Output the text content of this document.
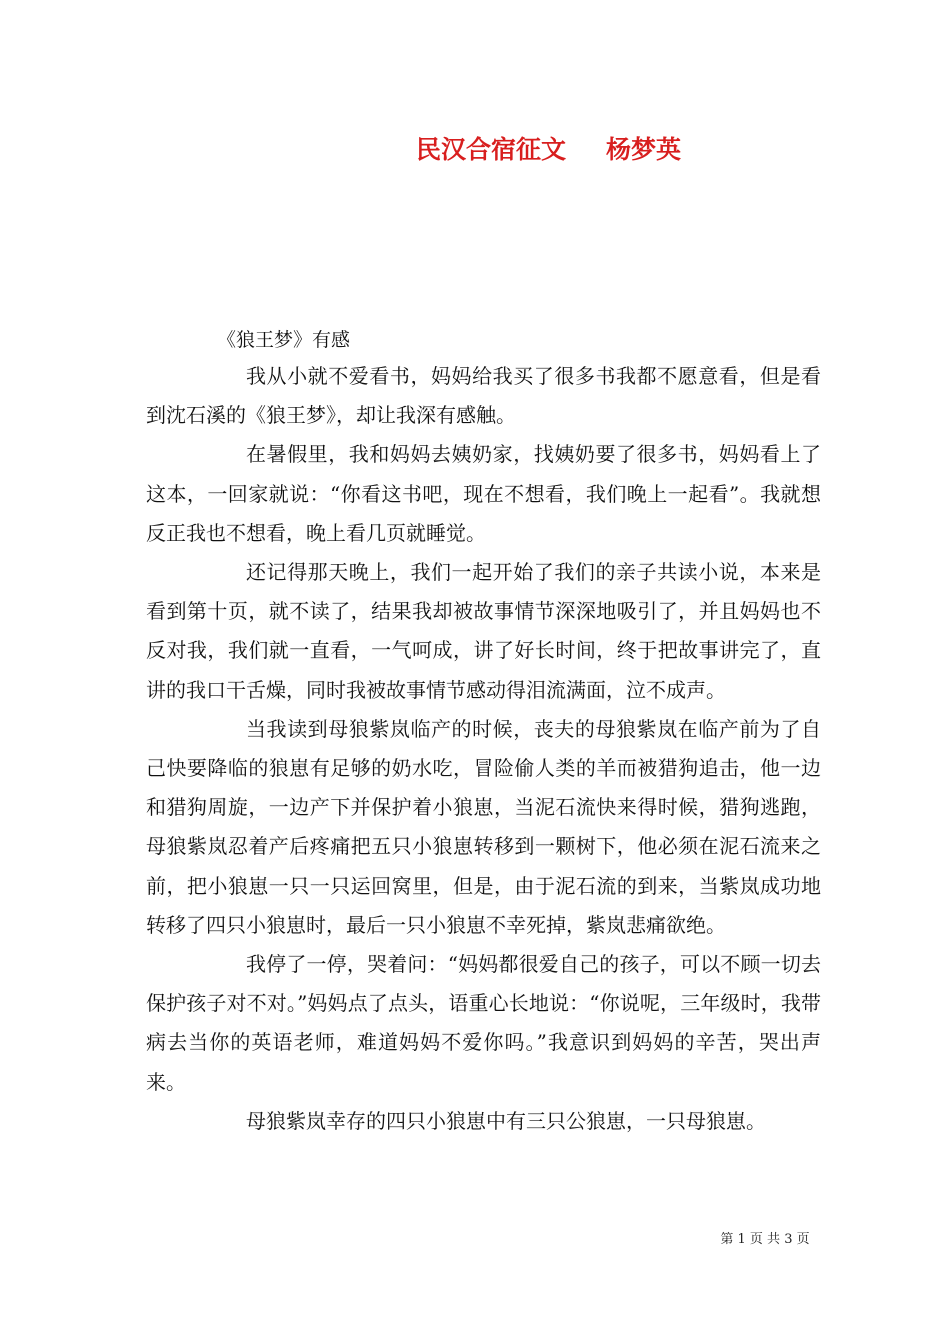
民汉合宿征文 杨梦英
《狼王梦》有感

我从小就不爱看书，妈妈给我买了很多书我都不愿意看，但是看到沈石溪的《狼王梦》，却让我深有感触。

在暑假里，我和妈妈去姨奶家，找姨奶要了很多书，妈妈看上了这本，一回家就说：“你看这书吧，现在不想看，我们晚上一起看”。我就想反正我也不想看，晚上看几页就睡觉。

还记得那天晚上，我们一起开始了我们的亲子共读小说，本来是看到第十页，就不读了，结果我却被故事情节深深地吸引了，并且妈妈也不反对我，我们就一直看，一气呵成，讲了好长时间，终于把故事讲完了，直讲的我口干舌燥，同时我被故事情节感动得泪流满面，泣不成声。

当我读到母狼紫岚临产的时候，丧夫的母狼紫岚在临产前为了自己快要降临的狼崽有足够的奶水吃，冒险偷人类的羊而被猎狗追击，他一边和猎狗周旋，一边产下并保护着小狼崽，当泥石流快来得时候，猎狗逃跑，母狼紫岚忍着产后疼痛把五只小狼崽转移到一颗树下，他必须在泥石流来之前，把小狼崽一只一只运回窝里，但是，由于泥石流的到来，当紫岚成功地转移了四只小狼崽时，最后一只小狼崽不幸死掉，紫岚悲痛欲绝。

我停了一停，哭着问：“妈妈都很爱自己的孩子，可以不顾一切去保护孩子对不对。”妈妈点了点头，语重心长地说：“你说呢，三年级时，我带病去当你的英语老师，难道妈妈不爱你吗。”我意识到妈妈的辛苦，哭出声来。

母狼紫岚幸存的四只小狼崽中有三只公狼崽，一只母狼崽。

第 1 页 共 3 页
